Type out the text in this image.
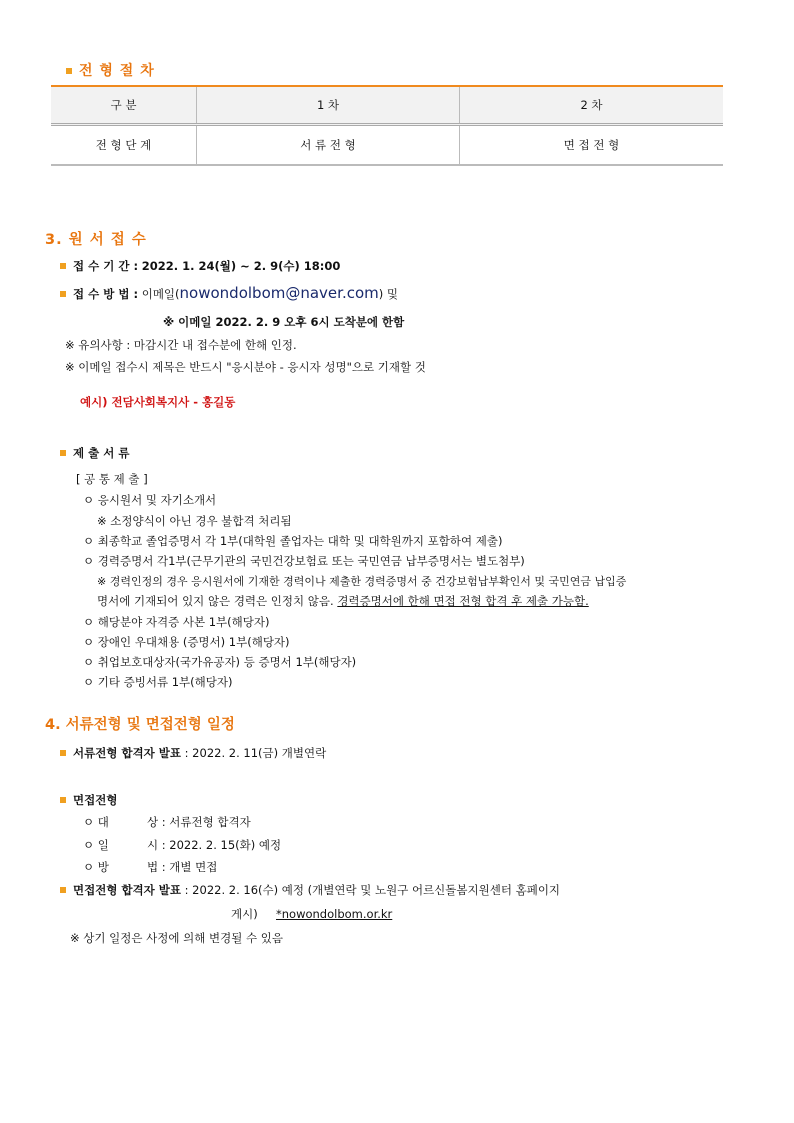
전 형 절 차
구 분	1 차	2 차
전 형 단 계	서 류 전 형	면 접 전 형
3. 원 서 접 수
접 수 기 간 : 2022. 1. 24(월) ~ 2. 9(수) 18:00
접 수 방 법 : 이메일(nowondolbom@naver.com) 및
※ 이메일 2022. 2. 9 오후 6시 도착분에 한함
※ 유의사항 : 마감시간 내 접수분에 한해 인정.
※ 이메일 접수시 제목은 반드시 "응시분야 - 응시자 성명"으로 기재할 것
예시) 전담사회복지사 - 홍길동
제 출 서 류
[ 공 통 제 출 ]
ㅇ 응시원서 및 자기소개서
※ 소정양식이 아닌 경우 불합격 처리됨
ㅇ 최종학교 졸업증명서 각 1부(대학원 졸업자는 대학 및 대학원까지 포함하여 제출)
ㅇ 경력증명서 각1부(근무기관의 국민건강보험료 또는 국민연금 납부증명서는 별도첨부)
※ 경력인정의 경우 응시원서에 기재한 경력이나 제출한 경력증명서 중 건강보험납부확인서 및 국민연금 납입증
명서에 기재되어 있지 않은 경력은 인정치 않음. 경력증명서에 한해 면접 전형 합격 후 제출 가능함.
ㅇ 해당분야 자격증 사본 1부(해당자)
ㅇ 장애인 우대채용 (증명서) 1부(해당자)
ㅇ 취업보호대상자(국가유공자) 등 증명서 1부(해당자)
ㅇ 기타 증빙서류 1부(해당자)
4. 서류전형 및 면접전형 일정
서류전형 합격자 발표 : 2022. 2. 11(금) 개별연락
면접전형
ㅇ 대	상 : 서류전형 합격자
ㅇ 일	시 : 2022. 2. 15(화) 예정
ㅇ 방	법 : 개별 면접
면접전형 합격자 발표 : 2022. 2. 16(수) 예정 (개별연락 및 노원구 어르신돌봄지원센터 홈페이지
게시) *nowondolbom.or.kr
※ 상기 일정은 사정에 의해 변경될 수 있음
